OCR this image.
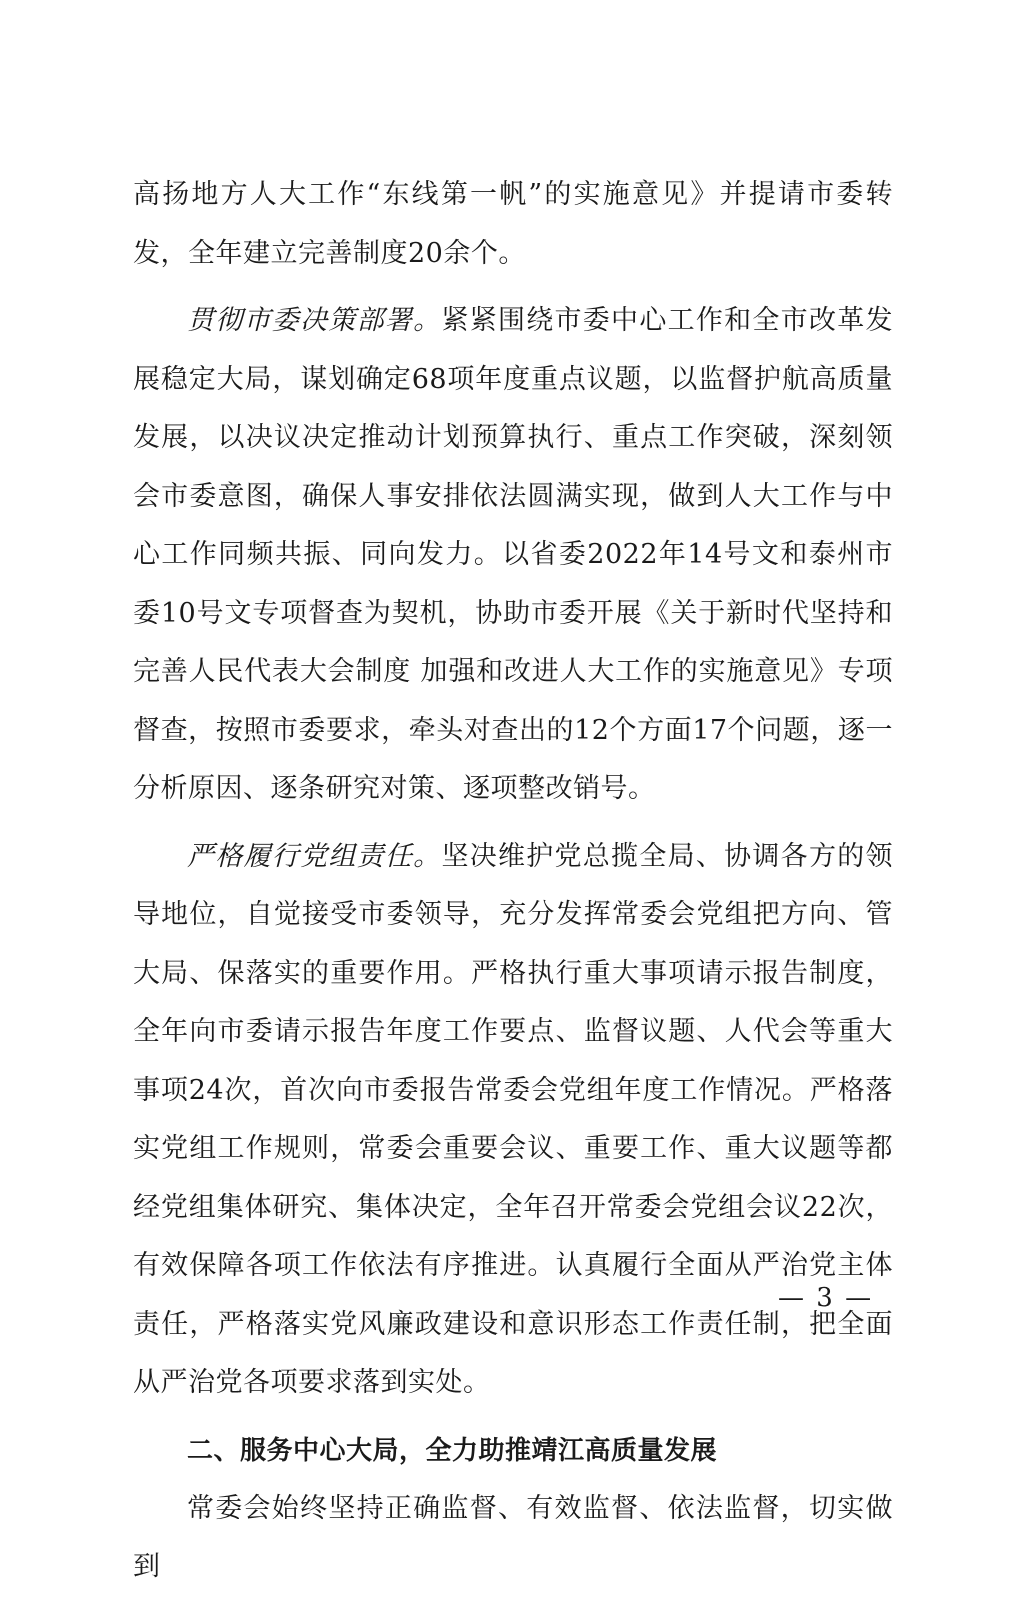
高扬地方人大工作“东线第一帆”的实施意见》并提请市委转发，全年建立完善制度20余个。

贯彻市委决策部署。紧紧围绕市委中心工作和全市改革发展稳定大局，谋划确定68项年度重点议题，以监督护航高质量发展，以决议决定推动计划预算执行、重点工作突破，深刻领会市委意图，确保人事安排依法圆满实现，做到人大工作与中心工作同频共振、同向发力。以省委2022年14号文和泰州市委10号文专项督查为契机，协助市委开展《关于新时代坚持和完善人民代表大会制度 加强和改进人大工作的实施意见》专项督查，按照市委要求，牵头对查出的12个方面17个问题，逐一分析原因、逐条研究对策、逐项整改销号。

严格履行党组责任。坚决维护党总揽全局、协调各方的领导地位，自觉接受市委领导，充分发挥常委会党组把方向、管大局、保落实的重要作用。严格执行重大事项请示报告制度，全年向市委请示报告年度工作要点、监督议题、人代会等重大事项24次，首次向市委报告常委会党组年度工作情况。严格落实党组工作规则，常委会重要会议、重要工作、重大议题等都经党组集体研究、集体决定，全年召开常委会党组会议22次，有效保障各项工作依法有序推进。认真履行全面从严治党主体责任，严格落实党风廉政建设和意识形态工作责任制，把全面从严治党各项要求落到实处。

二、服务中心大局，全力助推靖江高质量发展

常委会始终坚持正确监督、有效监督、依法监督，切实做到

— 3 —
